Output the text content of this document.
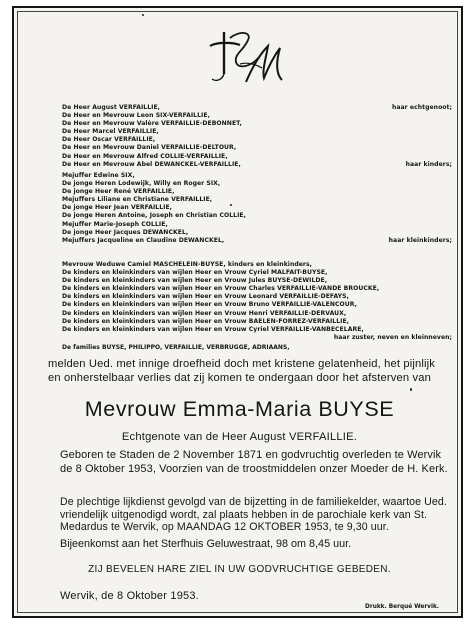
De Heer August VERFAILLIE,	haar echtgenoot;
De Heer en Mevrouw Leon SIX-VERFAILLIE,
De Heer en Mevrouw Valère VERFAILLIE-DEBONNET,
De Heer Marcel VERFAILLIE,
De Heer Oscar VERFAILLIE,
De Heer en Mevrouw Daniel VERFAILLIE-DELTOUR,
De Heer en Mevrouw Alfred COLLIE-VERFAILLIE,
De Heer en Mevrouw Abel DEWANCKEL-VERFAILLIE,	haar kinders;
Mejuffer Edwine SIX,
De jonge Heren Lodewijk, Willy en Roger SIX,
De jonge Heer René VERFAILLIE,
Mejuffers Liliane en Christiane VERFAILLIE,
De jonge Heer Jean VERFAILLIE,
De jonge Heren Antoine, Joseph en Christian COLLIE,
Mejuffer Marie-Joseph COLLIE,
De jonge Heer Jacques DEWANCKEL,
Mejuffers Jacqueline en Claudine DEWANCKEL,	haar kleinkinders;
Mevrouw Weduwe Camiel MASCHELEIN-BUYSE, kinders en kleinkinders,
De kinders en kleinkinders van wijlen Heer en Vrouw Cyriel MALFAIT-BUYSE,
De kinders en kleinkinders van wijlen Heer en Vrouw Jules BUYSE-DEWILDE,
De kinders en kleinkinders van wijlen Heer en Vrouw Charles VERFAILLIE-VANDE BROUCKE,
De kinders en kleinkinders van wijlen Heer en Vrouw Leonard VERFAILLIE-DEFAYS,
De kinders en kleinkinders van wijlen Heer en Vrouw Bruno VERFAILLIE-VALENCOUR,
De kinders en kleinkinders van wijlen Heer en Vrouw Henri VERFAILLIE-DERVAUX,
De kinders en kleinkinders van wijlen Heer en Vrouw BAELEN-FORREZ-VERFAILLIE,
De kinders en kleinkinders van wijlen Heer en Vrouw Cyriel VERFAILLIE-VANBECELARE,
haar zuster, neven en kleinneven;
De families BUYSE, PHILIPPO, VERFAILLIE, VERBRUGGE, ADRIAANS,
melden Ued. met innige droefheid doch met kristene gelatenheid, het pijnlijk en onherstelbaar verlies dat zij komen te ondergaan door het afsterven van
Mevrouw Emma-Maria BUYSE
Echtgenote van de Heer August VERFAILLIE.
Geboren te Staden de 2 November 1871 en godvruchtig overleden te Wervik de 8 Oktober 1953, Voorzien van de troostmiddelen onzer Moeder de H. Kerk.
De plechtige lijkdienst gevolgd van de bijzetting in de familiekelder, waartoe Ued. vriendelijk uitgenodigd wordt, zal plaats hebben in de parochiale kerk van St. Medardus te Wervik, op MAANDAG 12 OKTOBER 1953, te 9,30 uur.
Bijeenkomst aan het Sterfhuis Geluwestraat, 98 om 8,45 uur.
ZIJ BEVELEN HARE ZIEL IN UW GODVRUCHTIGE GEBEDEN.
Wervik, de 8 Oktober 1953.
Drukk. Berqué Wervik.
